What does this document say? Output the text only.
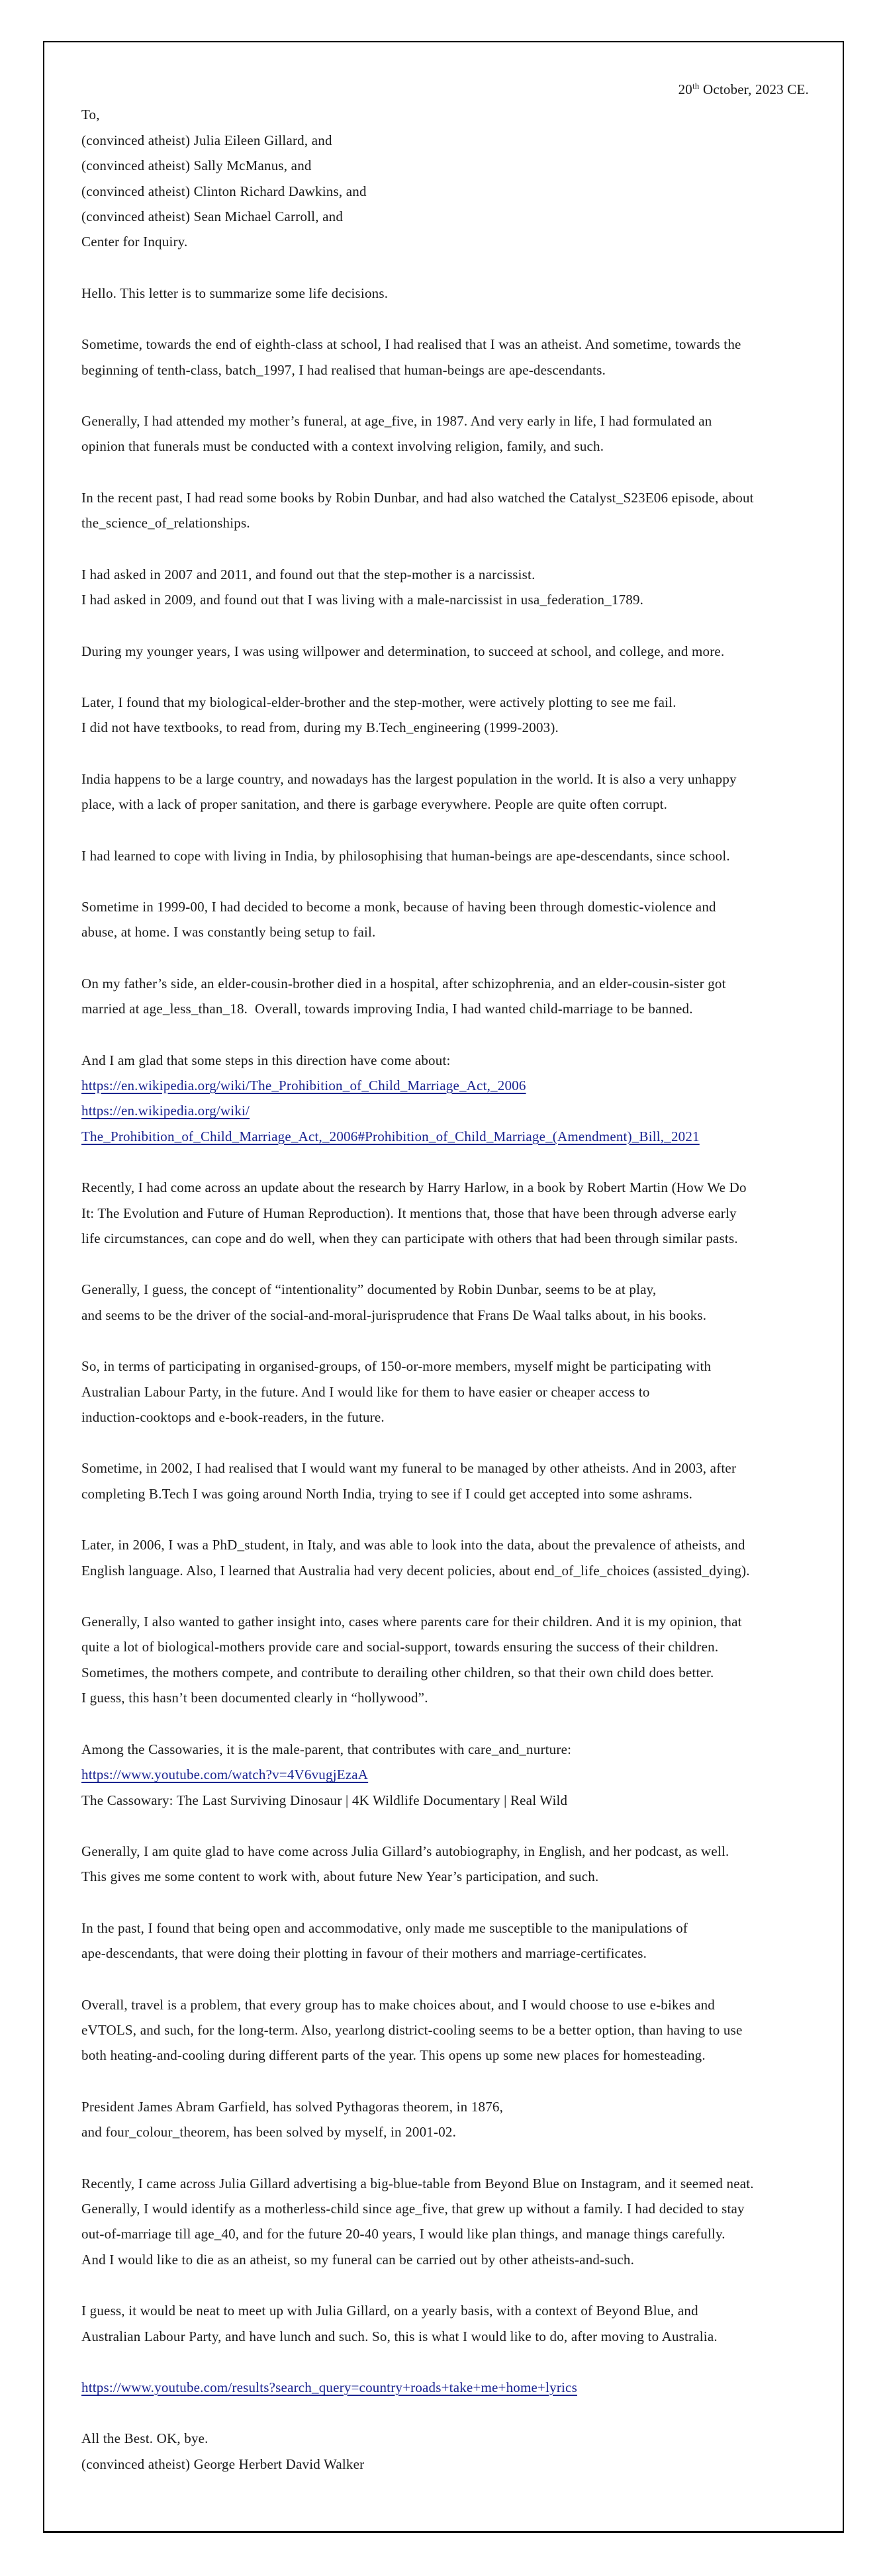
20th October, 2023 CE.
To,
(convinced atheist) Julia Eileen Gillard, and
(convinced atheist) Sally McManus, and
(convinced atheist) Clinton Richard Dawkins, and
(convinced atheist) Sean Michael Carroll, and
Center for Inquiry.
Hello. This letter is to summarize some life decisions.
Sometime, towards the end of eighth-class at school, I had realised that I was an atheist. And sometime, towards the
beginning of tenth-class, batch_1997, I had realised that human-beings are ape-descendants.
Generally, I had attended my mother’s funeral, at age_five, in 1987. And very early in life, I had formulated an
opinion that funerals must be conducted with a context involving religion, family, and such.
In the recent past, I had read some books by Robin Dunbar, and had also watched the Catalyst_S23E06 episode, about
the_science_of_relationships.
I had asked in 2007 and 2011, and found out that the step-mother is a narcissist.
I had asked in 2009, and found out that I was living with a male-narcissist in usa_federation_1789.
During my younger years, I was using willpower and determination, to succeed at school, and college, and more.
Later, I found that my biological-elder-brother and the step-mother, were actively plotting to see me fail.
I did not have textbooks, to read from, during my B.Tech_engineering (1999-2003).
India happens to be a large country, and nowadays has the largest population in the world. It is also a very unhappy
place, with a lack of proper sanitation, and there is garbage everywhere. People are quite often corrupt.
I had learned to cope with living in India, by philosophising that human-beings are ape-descendants, since school.
Sometime in 1999-00, I had decided to become a monk, because of having been through domestic-violence and
abuse, at home. I was constantly being setup to fail.
On my father’s side, an elder-cousin-brother died in a hospital, after schizophrenia, and an elder-cousin-sister got
married at age_less_than_18.  Overall, towards improving India, I had wanted child-marriage to be banned.
And I am glad that some steps in this direction have come about:
https://en.wikipedia.org/wiki/The_Prohibition_of_Child_Marriage_Act,_2006
https://en.wikipedia.org/wiki/
The_Prohibition_of_Child_Marriage_Act,_2006#Prohibition_of_Child_Marriage_(Amendment)_Bill,_2021
Recently, I had come across an update about the research by Harry Harlow, in a book by Robert Martin (How We Do
It: The Evolution and Future of Human Reproduction). It mentions that, those that have been through adverse early
life circumstances, can cope and do well, when they can participate with others that had been through similar pasts.
Generally, I guess, the concept of “intentionality” documented by Robin Dunbar, seems to be at play,
and seems to be the driver of the social-and-moral-jurisprudence that Frans De Waal talks about, in his books.
So, in terms of participating in organised-groups, of 150-or-more members, myself might be participating with
Australian Labour Party, in the future. And I would like for them to have easier or cheaper access to
induction-cooktops and e-book-readers, in the future.
Sometime, in 2002, I had realised that I would want my funeral to be managed by other atheists. And in 2003, after
completing B.Tech I was going around North India, trying to see if I could get accepted into some ashrams.
Later, in 2006, I was a PhD_student, in Italy, and was able to look into the data, about the prevalence of atheists, and
English language. Also, I learned that Australia had very decent policies, about end_of_life_choices (assisted_dying).
Generally, I also wanted to gather insight into, cases where parents care for their children. And it is my opinion, that
quite a lot of biological-mothers provide care and social-support, towards ensuring the success of their children.
Sometimes, the mothers compete, and contribute to derailing other children, so that their own child does better.
I guess, this hasn’t been documented clearly in “hollywood”.
Among the Cassowaries, it is the male-parent, that contributes with care_and_nurture:
https://www.youtube.com/watch?v=4V6vugjEzaA
The Cassowary: The Last Surviving Dinosaur | 4K Wildlife Documentary | Real Wild
Generally, I am quite glad to have come across Julia Gillard’s autobiography, in English, and her podcast, as well.
This gives me some content to work with, about future New Year’s participation, and such.
In the past, I found that being open and accommodative, only made me susceptible to the manipulations of
ape-descendants, that were doing their plotting in favour of their mothers and marriage-certificates.
Overall, travel is a problem, that every group has to make choices about, and I would choose to use e-bikes and
eVTOLS, and such, for the long-term. Also, yearlong district-cooling seems to be a better option, than having to use
both heating-and-cooling during different parts of the year. This opens up some new places for homesteading.
President James Abram Garfield, has solved Pythagoras theorem, in 1876,
and four_colour_theorem, has been solved by myself, in 2001-02.
Recently, I came across Julia Gillard advertising a big-blue-table from Beyond Blue on Instagram, and it seemed neat.
Generally, I would identify as a motherless-child since age_five, that grew up without a family. I had decided to stay
out-of-marriage till age_40, and for the future 20-40 years, I would like plan things, and manage things carefully.
And I would like to die as an atheist, so my funeral can be carried out by other atheists-and-such.
I guess, it would be neat to meet up with Julia Gillard, on a yearly basis, with a context of Beyond Blue, and
Australian Labour Party, and have lunch and such. So, this is what I would like to do, after moving to Australia.
https://www.youtube.com/results?search_query=country+roads+take+me+home+lyrics
All the Best. OK, bye.
(convinced atheist) George Herbert David Walker
